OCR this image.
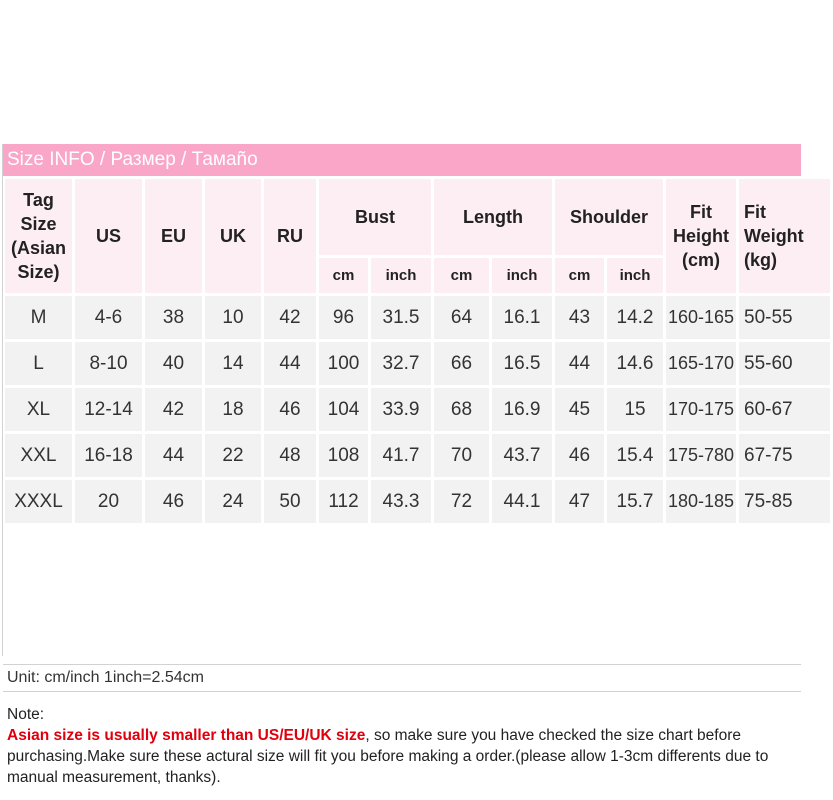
Size INFO / Размер / Тамаño
Tag Size (Asian Size)	US	EU	UK	RU	Bust		Length		Shoulder		Fit Height (cm)	Fit Weight (kg)
					cm	inch	cm	inch	cm	inch		
M	4-6	38	10	42	96	31.5	64	16.1	43	14.2	160-165	50-55
L	8-10	40	14	44	100	32.7	66	16.5	44	14.6	165-170	55-60
XL	12-14	42	18	46	104	33.9	68	16.9	45	15	170-175	60-67
XXL	16-18	44	22	48	108	41.7	70	43.7	46	15.4	175-780	67-75
XXXL	20	46	24	50	112	43.3	72	44.1	47	15.7	180-185	75-85
Unit: cm/inch 1inch=2.54cm
Note:
Asian size is usually smaller than US/EU/UK size, so make sure you have checked the size chart before purchasing.Make sure these actural size will fit you before making a order.(please allow 1-3cm differents due to manual measurement, thanks).
